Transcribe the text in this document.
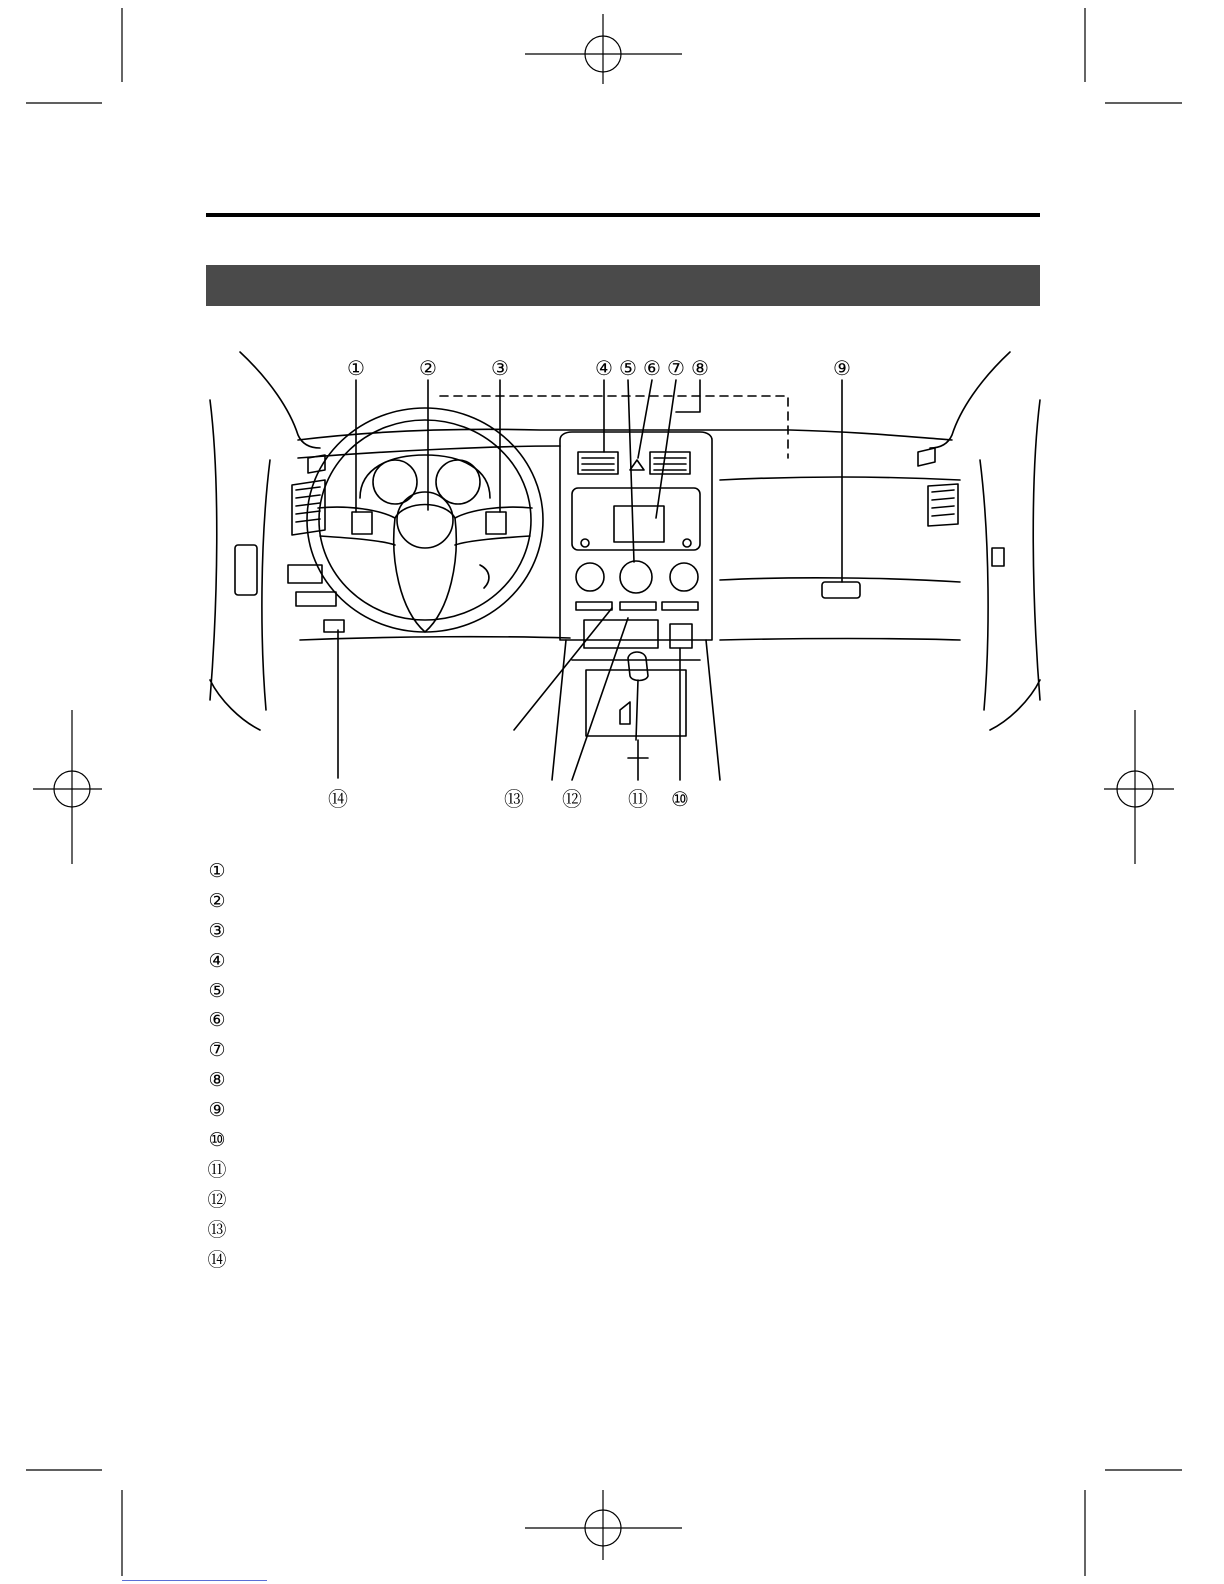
①	②	③	④ ⑤ ⑥ ⑦ ⑧	⑨
⑩
⑪
⑫
⑬
⑭
①
②
③
④
⑤
⑥
⑦
⑧
⑨
⑩
⑪
⑫
⑬
⑭
